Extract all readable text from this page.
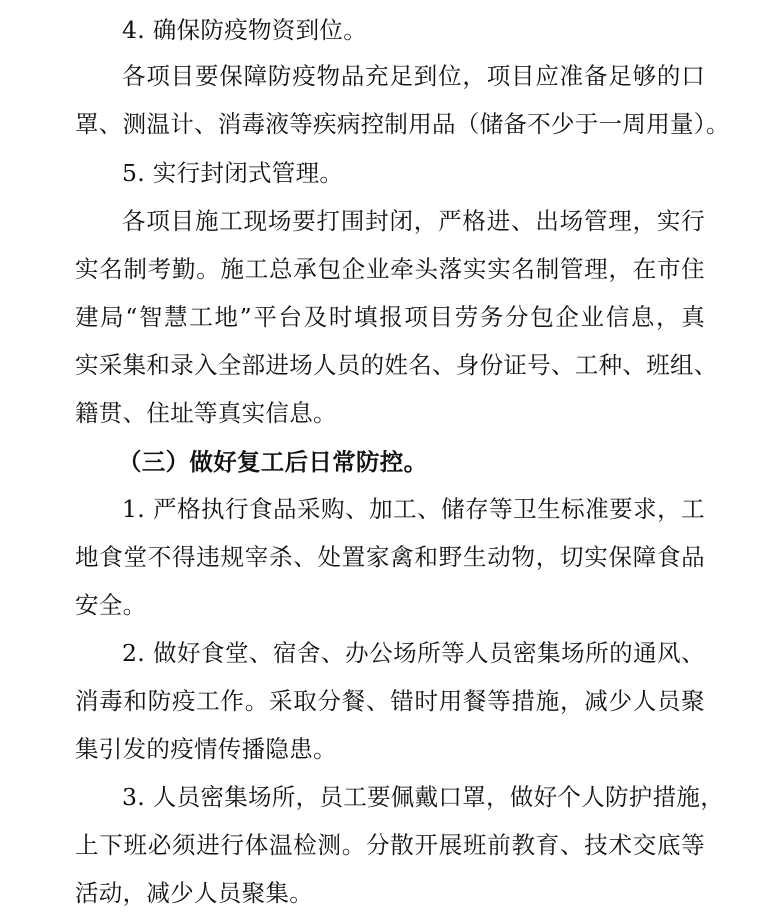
4. 确保防疫物资到位。
各项目要保障防疫物品充足到位，项目应准备足够的口
罩、测温计、消毒液等疾病控制用品（储备不少于一周用量）。
5. 实行封闭式管理。
各项目施工现场要打围封闭，严格进、出场管理，实行
实名制考勤。施工总承包企业牵头落实实名制管理，在市住
建局“智慧工地”平台及时填报项目劳务分包企业信息，真
实采集和录入全部进场人员的姓名、身份证号、工种、班组、
籍贯、住址等真实信息。
（三）做好复工后日常防控。
1. 严格执行食品采购、加工、储存等卫生标准要求，工
地食堂不得违规宰杀、处置家禽和野生动物，切实保障食品
安全。
2. 做好食堂、宿舍、办公场所等人员密集场所的通风、
消毒和防疫工作。采取分餐、错时用餐等措施，减少人员聚
集引发的疫情传播隐患。
3. 人员密集场所，员工要佩戴口罩，做好个人防护措施，
上下班必须进行体温检测。分散开展班前教育、技术交底等
活动，减少人员聚集。
